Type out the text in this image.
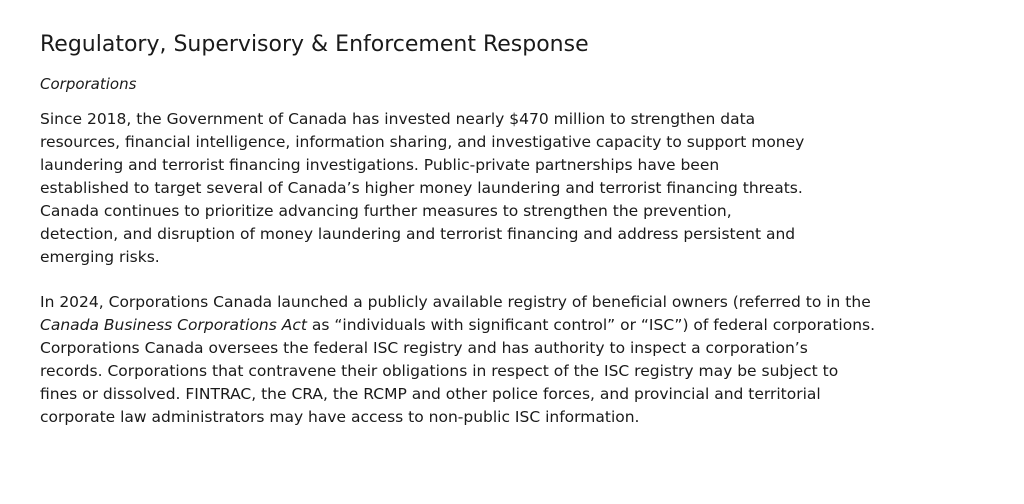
Regulatory, Supervisory & Enforcement Response
Corporations

Since 2018, the Government of Canada has invested nearly $470 million to strengthen data
resources, financial intelligence, information sharing, and investigative capacity to support money
laundering and terrorist financing investigations. Public-private partnerships have been
established to target several of Canada’s higher money laundering and terrorist financing threats.
Canada continues to prioritize advancing further measures to strengthen the prevention,
detection, and disruption of money laundering and terrorist financing and address persistent and
emerging risks.

In 2024, Corporations Canada launched a publicly available registry of beneficial owners (referred to in the
Canada Business Corporations Act as “individuals with significant control” or “ISC”) of federal corporations.
Corporations Canada oversees the federal ISC registry and has authority to inspect a corporation’s
records. Corporations that contravene their obligations in respect of the ISC registry may be subject to
fines or dissolved. FINTRAC, the CRA, the RCMP and other police forces, and provincial and territorial
corporate law administrators may have access to non-public ISC information.
